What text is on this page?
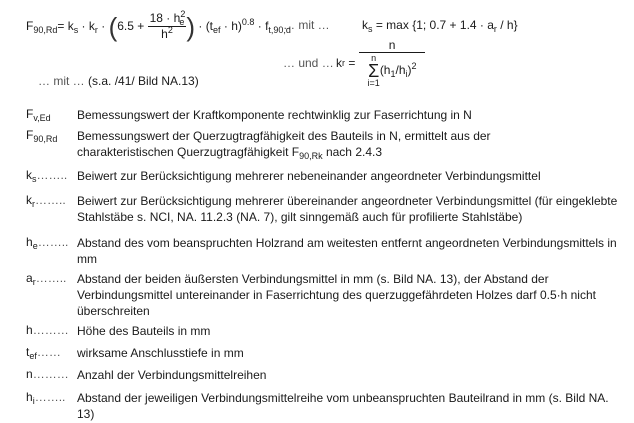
$F_{90,Rd}= k_s \cdot k_r \cdot (6.5 + \frac{18 \cdot h^2_e}{h^2}$ ) · $(t_{ef} \cdot h)^{0.8} \cdot f_{t,90,d}$
… mit …	$k_s = \max \{1$; $0.7 + 1.4 \cdot a_r / h$}
… und … k r
=
n
n
Σ
i=1
$(h_1/h_i)^2$
… mit … (s.a. /41/ Bild NA.13)
$F_{v,Ed}$ Bemessungswert der Kraftkomponente rechtwinklig zur Faserrichtung in N
$F_{90,Rd}$ Bemessungswert der Querzugtragfähigkeit des Bauteils in N, ermittelt aus der
charakteristischen Querzugtragfähigkeit $F_{90,Rk}$ nach 2.4.3
$k_s\dots\dots$.. Beiwert zur Berücksichtigung mehrerer nebeneinander angeordneter Verbindungsmittel
$k_r\dots\dots$.. Beiwert zur Berücksichtigung mehrerer übereinander angeordneter Verbindungsmittel (für eingeklebte Stahlstäbe s. NCI, NA. 11.2.3 (NA. 7), gilt sinngemäß auch für profilierte Stahlstäbe)
$h_e\dots\dots$.. Abstand des vom beanspruchten Holzrand am weitesten entfernt angeordneten Verbindungsmittels in mm
$a_r\dots\dots$.. Abstand der beiden äußersten Verbindungsmittel in mm (s. Bild NA. 13), der Abstand der Verbindungsmittel untereinander in Faserrichtung des querzuggefährdeten Holzes darf 0.5·h nicht überschreiten
h……… Höhe des Bauteils in mm
$t_{ef}\dots\dots$ wirksame Anschlusstiefe in mm
n……… Anzahl der Verbindungsmittelreihen
$h_i\dots\dots$.. Abstand der jeweiligen Verbindungsmittelreihe vom unbeanspruchten Bauteilrand in mm (s. Bild NA. 13)
